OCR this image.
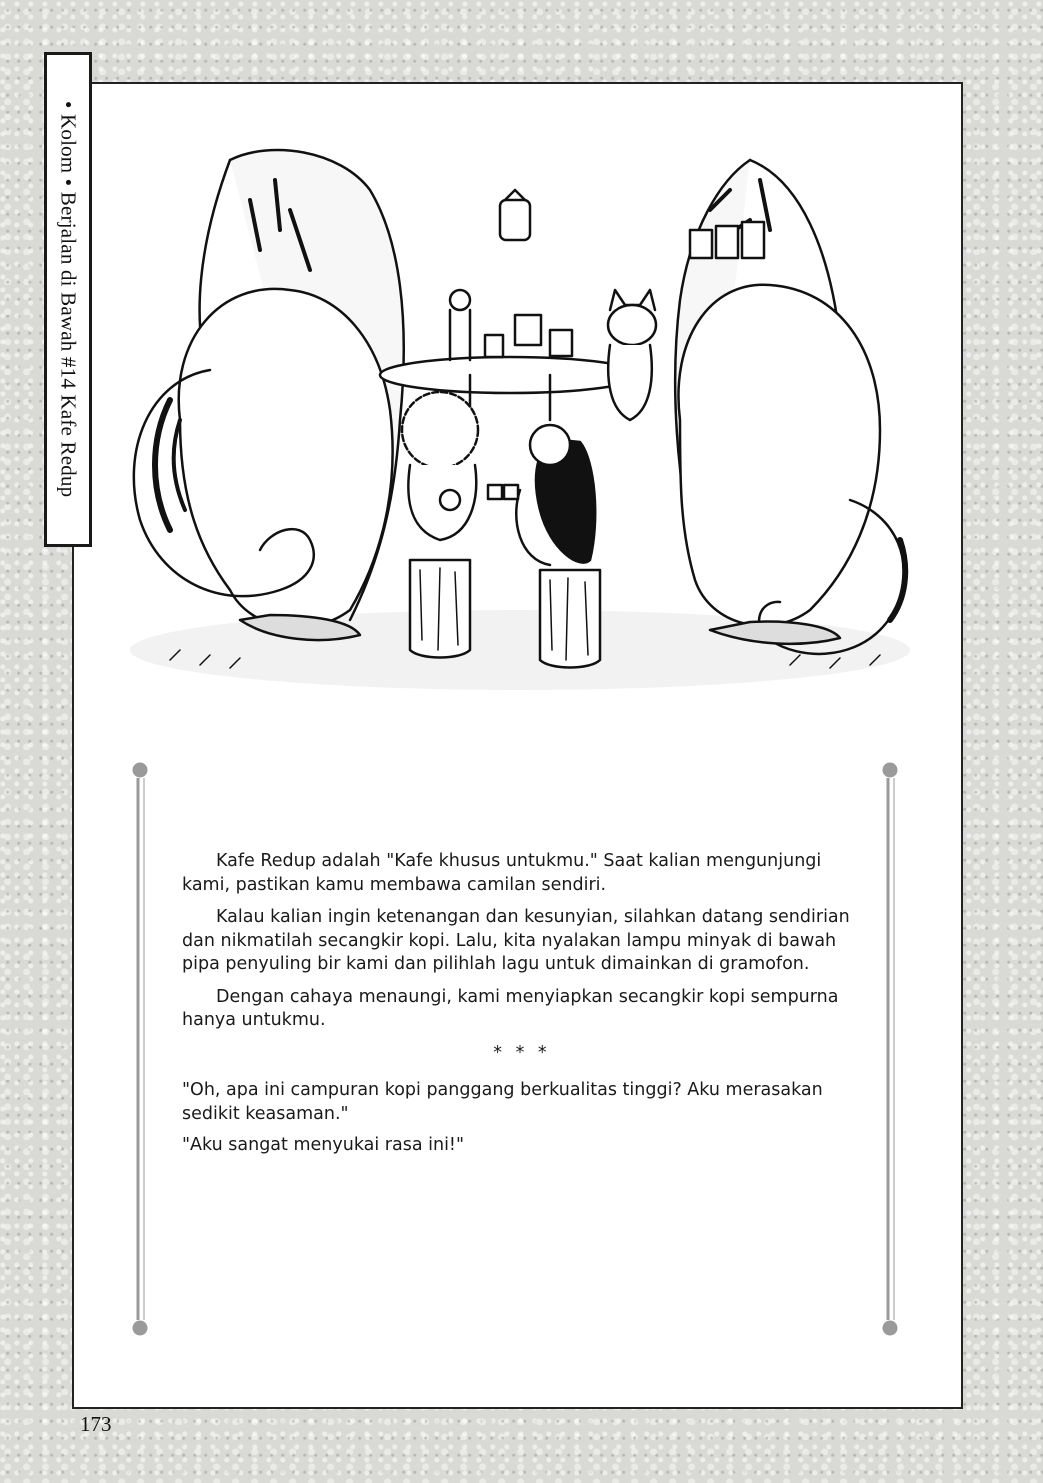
• Kolom • Berjalan di Bawah #14 Kafe Redup

Kafe Redup adalah "Kafe khusus untukmu." Saat kalian mengunjungi kami, pastikan kamu membawa camilan sendiri.

Kalau kalian ingin ketenangan dan kesunyian, silahkan datang sendirian dan nikmatilah secangkir kopi. Lalu, kita nyalakan lampu minyak di bawah pipa penyuling bir kami dan pilihlah lagu untuk dimainkan di gramofon.

Dengan cahaya menaungi, kami menyiapkan secangkir kopi sempurna hanya untukmu.

* * *

"Oh, apa ini campuran kopi panggang berkualitas tinggi? Aku merasakan sedikit keasaman."

"Aku sangat menyukai rasa ini!"

173
